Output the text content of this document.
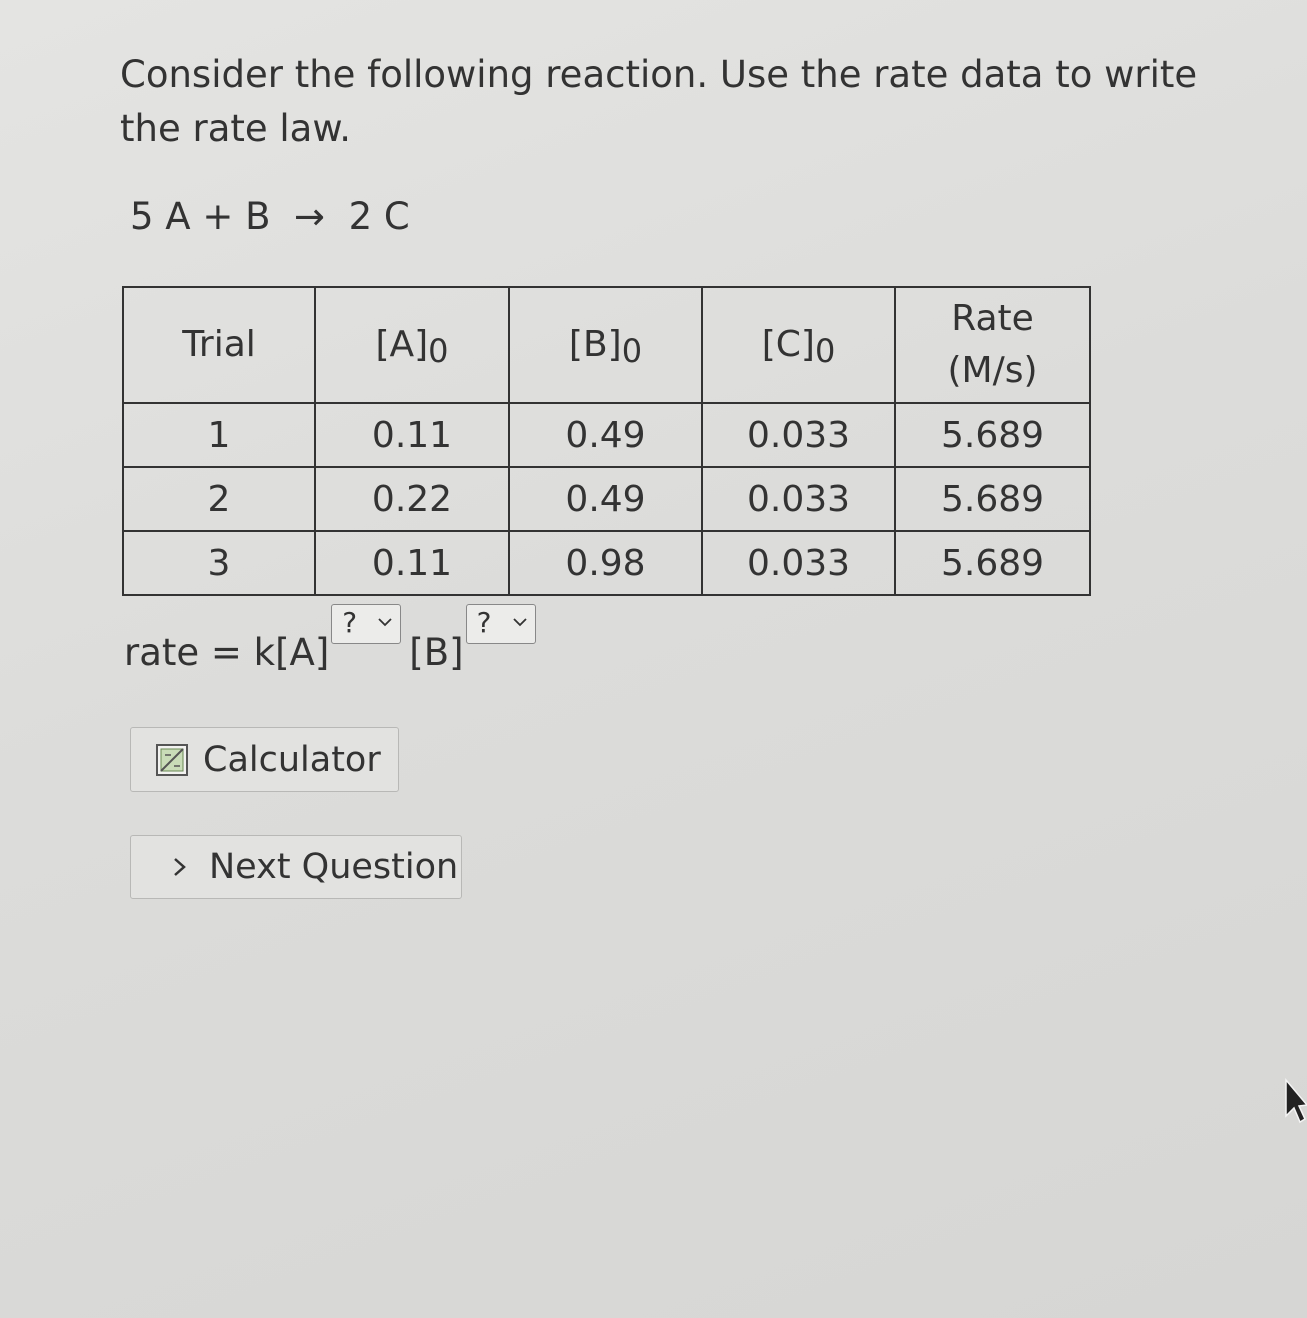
Consider the following reaction. Use the rate data to write the rate law.
5 A + B  →  2 C
Trial	[A]0	[B]0	[C]0	Rate
(M/s)

1	0.11	0.49	0.033	5.689
2	0.22	0.49	0.033	5.689
3	0.11	0.98	0.033	5.689
rate = k[A]
?
[B]
?
Calculator
Next Question
